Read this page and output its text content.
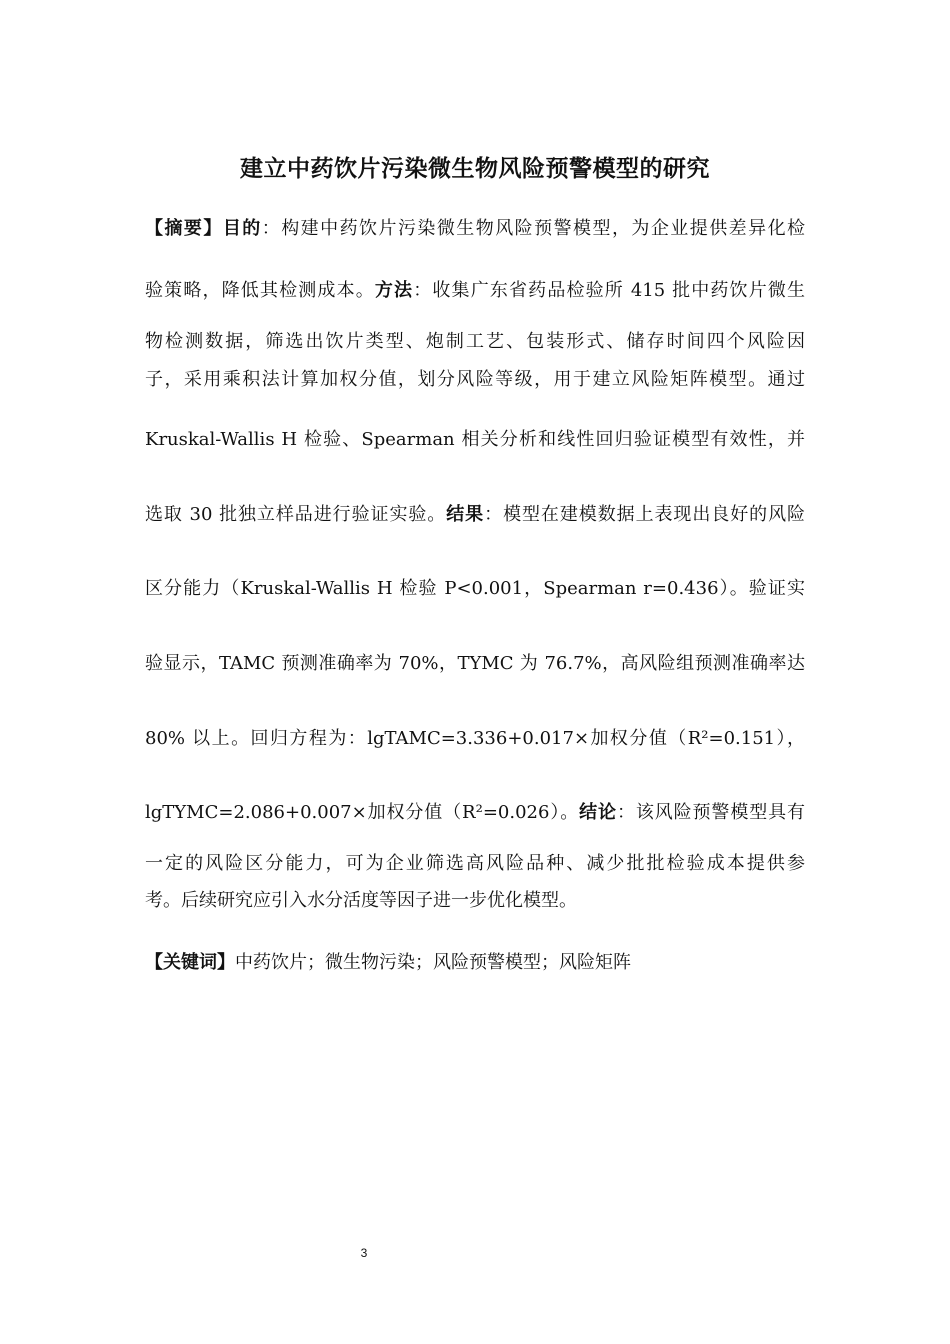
建立中药饮片污染微生物风险预警模型的研究
【摘要】目的：构建中药饮片污染微生物风险预警模型，为企业提供差异化检
验策略，降低其检测成本。方法：收集广东省药品检验所 415 批中药饮片微生
物检测数据，筛选出饮片类型、炮制工艺、包装形式、储存时间四个风险因
子，采用乘积法计算加权分值，划分风险等级，用于建立风险矩阵模型。通过
Kruskal-Wallis H 检验、Spearman 相关分析和线性回归验证模型有效性，并
选取 30 批独立样品进行验证实验。结果：模型在建模数据上表现出良好的风险
区分能力（Kruskal-Wallis H 检验 P<0.001，Spearman r=0.436）。验证实
验显示，TAMC 预测准确率为 70%，TYMC 为 76.7%，高风险组预测准确率达
80% 以上。回归方程为：lgTAMC=3.336+0.017×加权分值（R²=0.151），
lgTYMC=2.086+0.007×加权分值（R²=0.026）。结论：该风险预警模型具有
一定的风险区分能力，可为企业筛选高风险品种、减少批批检验成本提供参
考。后续研究应引入水分活度等因子进一步优化模型。
【关键词】中药饮片；微生物污染；风险预警模型；风险矩阵
3
